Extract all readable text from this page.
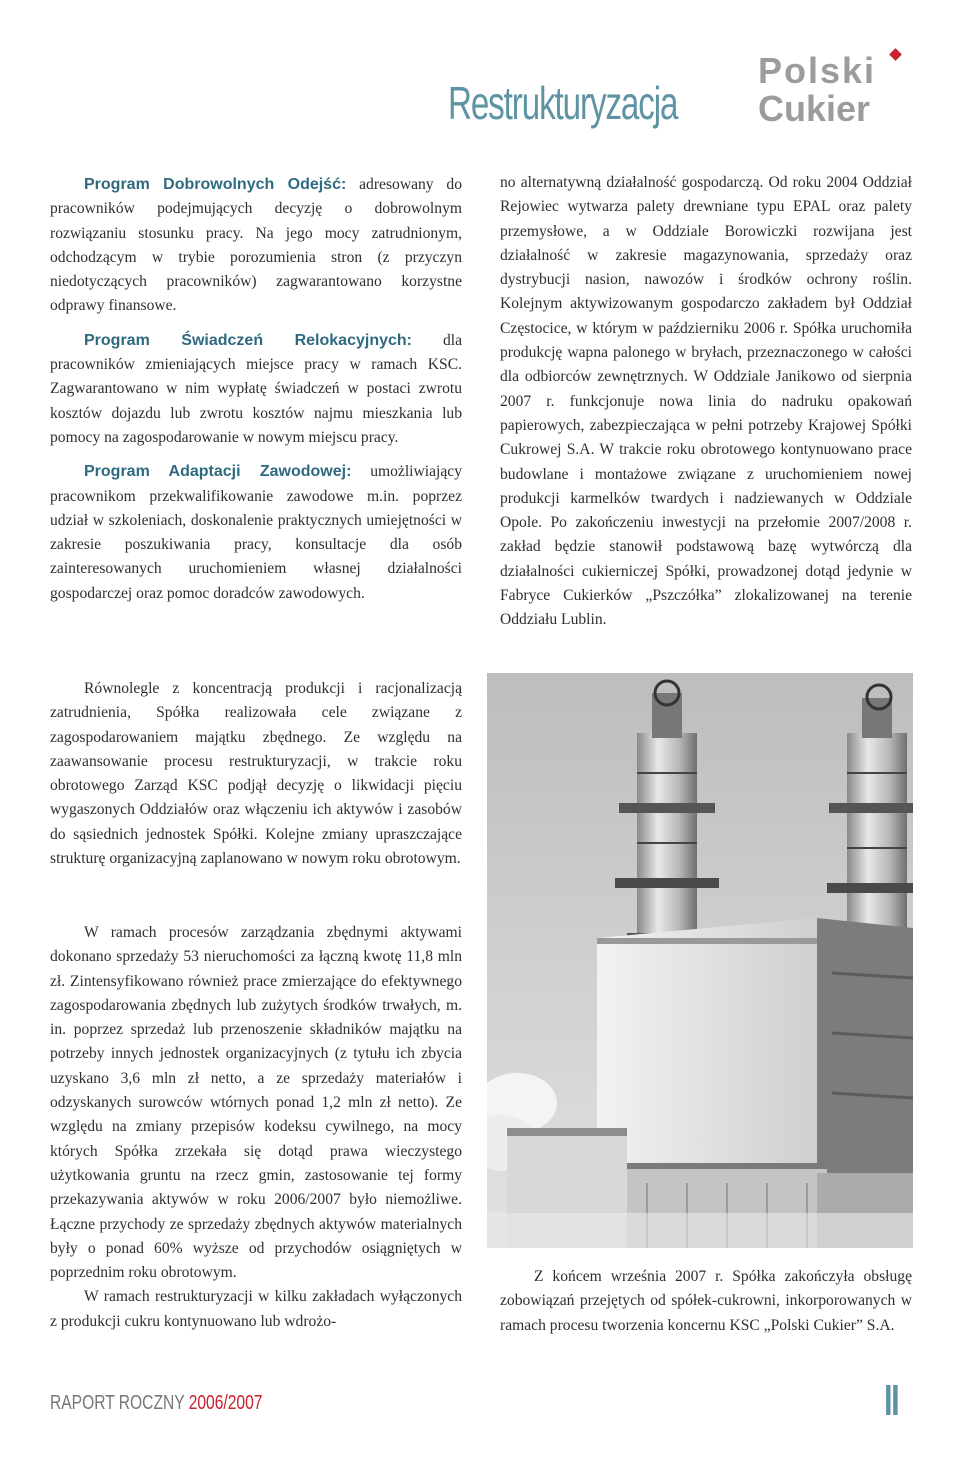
Restrukturyzacja
Polski
Cukier

Program Dobrowolnych Odejść: adresowany do pracowników podejmujących decyzję o dobrowolnym rozwiązaniu stosunku pracy. Na jego mocy zatrudnionym, odchodzącym w trybie porozumienia stron (z przyczyn niedotyczących pracowników) zagwarantowano korzystne odprawy finansowe.

Program Świadczeń Relokacyjnych: dla pracowników zmieniających miejsce pracy w ramach KSC. Zagwarantowano w nim wypłatę świadczeń w postaci zwrotu kosztów dojazdu lub zwrotu kosztów najmu mieszkania lub pomocy na zagospodarowanie w nowym miejscu pracy.

Program Adaptacji Zawodowej: umożliwiający pracownikom przekwalifikowanie zawodowe m.in. poprzez udział w szkoleniach, doskonalenie praktycznych umiejętności w zakresie poszukiwania pracy, konsultacje dla osób zainteresowanych uruchomieniem własnej działalności gospodarczej oraz pomoc doradców zawodowych.

Równolegle z koncentracją produkcji i racjonalizacją zatrudnienia, Spółka realizowała cele związane z zagospodarowaniem majątku zbędnego. Ze względu na zaawansowanie procesu restrukturyzacji, w trakcie roku obrotowego Zarząd KSC podjął decyzję o likwidacji pięciu wygaszonych Oddziałów oraz włączeniu ich aktywów i zasobów do sąsiednich jednostek Spółki. Kolejne zmiany upraszczające strukturę organizacyjną zaplanowano w nowym roku obrotowym.

W ramach procesów zarządzania zbędnymi aktywami dokonano sprzedaży 53 nieruchomości za łączną kwotę 11,8 mln zł. Zintensyfikowano również prace zmierzające do efektywnego zagospodarowania zbędnych lub zużytych środków trwałych, m. in. poprzez sprzedaż lub przenoszenie składników majątku na potrzeby innych jednostek organizacyjnych (z tytułu ich zbycia uzyskano 3,6 mln zł netto, a ze sprzedaży materiałów i odzyskanych surowców wtórnych ponad 1,2 mln zł netto). Ze względu na zmiany przepisów kodeksu cywilnego, na mocy których Spółka zrzekała się dotąd prawa wieczystego użytkowania gruntu na rzecz gmin, zastosowanie tej formy przekazywania aktywów w roku 2006/2007 było niemożliwe. Łączne przychody ze sprzedaży zbędnych aktywów materialnych były o ponad 60% wyższe od przychodów osiągniętych w poprzednim roku obrotowym.

W ramach restrukturyzacji w kilku zakładach wyłączonych z produkcji cukru kontynuowano lub wdrożo-

no alternatywną działalność gospodarczą. Od roku 2004 Oddział Rejowiec wytwarza palety drewniane typu EPAL oraz palety przemysłowe, a w Oddziale Borowiczki rozwijana jest działalność w zakresie magazynowania, sprzedaży oraz dystrybucji nasion, nawozów i środków ochrony roślin. Kolejnym aktywizowanym gospodarczo zakładem był Oddział Częstocice, w którym w październiku 2006 r. Spółka uruchomiła produkcję wapna palonego w bryłach, przeznaczonego w całości dla odbiorców zewnętrznych. W Oddziale Janikowo od sierpnia 2007 r. funkcjonuje nowa linia do nadruku opakowań papierowych, zabezpieczająca w pełni potrzeby Krajowej Spółki Cukrowej S.A. W trakcie roku obrotowego kontynuowano prace budowlane i montażowe związane z uruchomieniem nowej produkcji karmelków twardych i nadziewanych w Oddziale Opole. Po zakończeniu inwestycji na przełomie 2007/2008 r. zakład będzie stanowił podstawową bazę wytwórczą dla działalności cukierniczej Spółki, prowadzonej dotąd jedynie w Fabryce Cukierków „Pszczółka” zlokalizowanej na terenie Oddziału Lublin.

Z końcem września 2007 r. Spółka zakończyła obsługę zobowiązań przejętych od spółek-cukrowni, inkorporowanych w ramach procesu tworzenia koncernu KSC „Polski Cukier” S.A.

RAPORT ROCZNY 2006/2007	II
